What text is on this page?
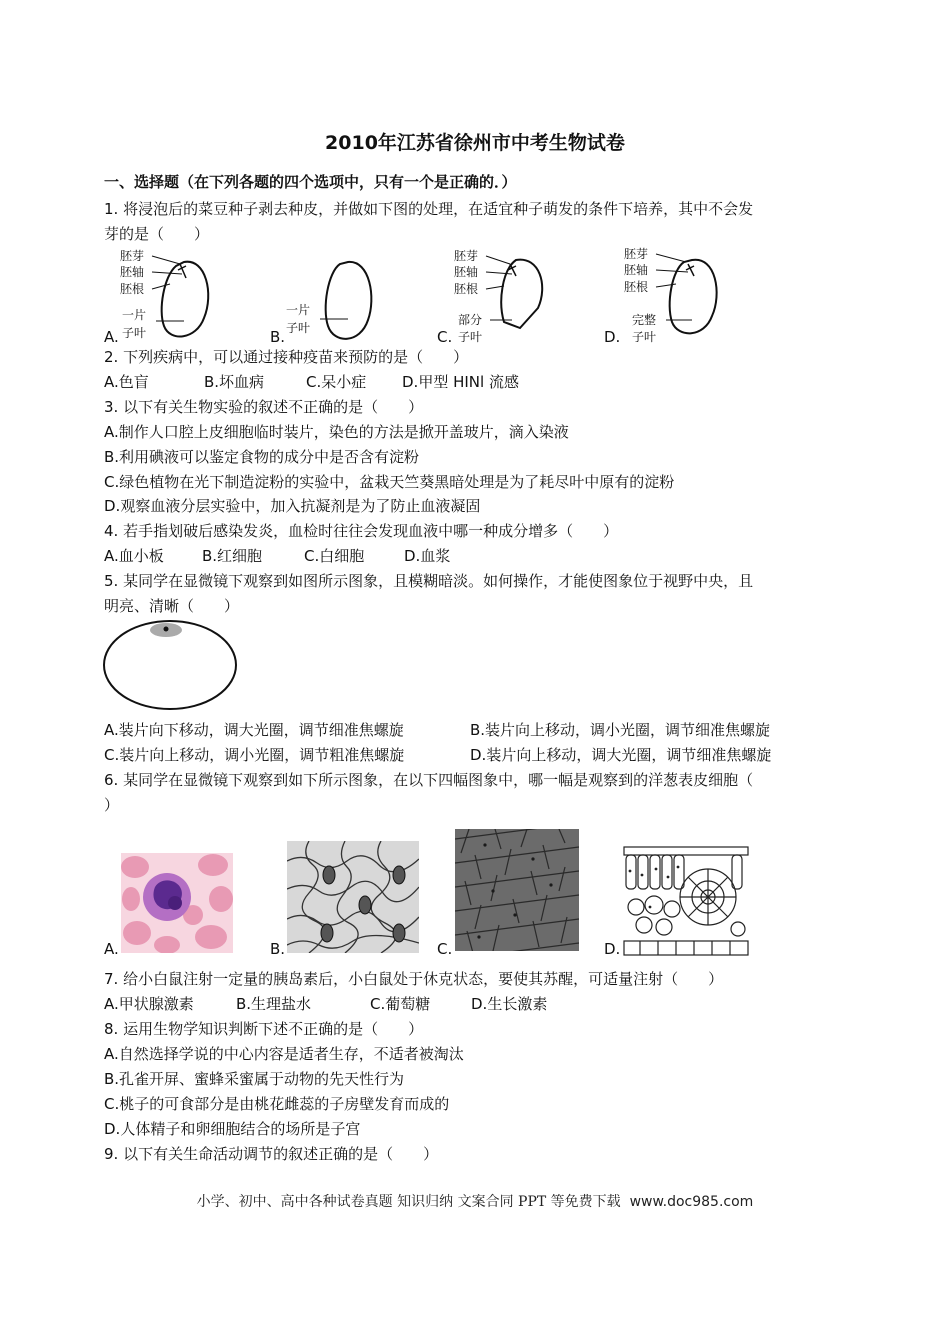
2010年江苏省徐州市中考生物试卷

一、选择题（在下列各题的四个选项中，只有一个是正确的．）

1. 将浸泡后的菜豆种子剥去种皮，并做如下图的处理，在适宜种子萌发的条件下培养，其中不会发

芽的是（　　）

胚芽
胚轴
胚根
一片
子叶
A.
一片
子叶
B.
胚芽
胚轴
胚根
部分
子叶
C.
胚芽
胚轴
胚根
完整
子叶
D.

2. 下列疾病中，可以通过接种疫苗来预防的是（　　）

A.色盲	B.坏血病	C.呆小症 D.甲型 HINl 流感

3. 以下有关生物实验的叙述不正确的是（　　）

A.制作人口腔上皮细胞临时装片，染色的方法是掀开盖玻片，滴入染液

B.利用碘液可以鉴定食物的成分中是否含有淀粉

C.绿色植物在光下制造淀粉的实验中，盆栽天竺葵黑暗处理是为了耗尽叶中原有的淀粉

D.观察血液分层实验中，加入抗凝剂是为了防止血液凝固

4. 若手指划破后感染发炎，血检时往往会发现血液中哪一种成分增多（　　）

A.血小板	B.红细胞	C.白细胞	D.血浆

5. 某同学在显微镜下观察到如图所示图象，且模糊暗淡。如何操作，才能使图象位于视野中央，且

明亮、清晰（　　）

A.装片向下移动，调大光圈，调节细准焦螺旋	B.装片向上移动，调小光圈，调节细准焦螺旋

C.装片向上移动，调小光圈，调节粗准焦螺旋	D.装片向上移动，调大光圈，调节细准焦螺旋

6. 某同学在显微镜下观察到如下所示图象，在以下四幅图象中，哪一幅是观察到的洋葱表皮细胞（

）

A.	B.	C.	D.

7. 给小白鼠注射一定量的胰岛素后，小白鼠处于休克状态，要使其苏醒，可适量注射（　　）

A.甲状腺激素	B.生理盐水	C.葡萄糖	D.生长激素

8. 运用生物学知识判断下述不正确的是（　　）

A.自然选择学说的中心内容是适者生存，不适者被淘汰

B.孔雀开屏、蜜蜂采蜜属于动物的先天性行为

C.桃子的可食部分是由桃花雌蕊的子房壁发育而成的

D.人体精子和卵细胞结合的场所是子宫

9. 以下有关生命活动调节的叙述正确的是（　　）

小学、初中、高中各种试卷真题 知识归纳 文案合同 PPT 等免费下载 www.doc985.com
